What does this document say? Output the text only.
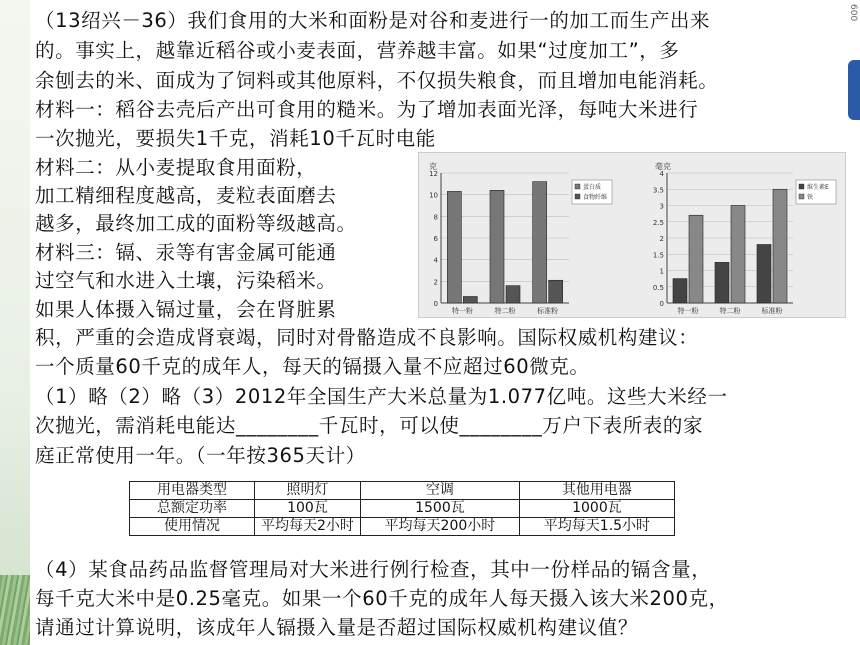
（13绍兴－36）我们食用的大米和面粉是对谷和麦进行一的加工而生产出来
的。事实上，越靠近稻谷或小麦表面，营养越丰富。如果“过度加工”，多
余刨去的米、面成为了饲料或其他原料，不仅损失粮食，而且增加电能消耗。
材料一：稻谷去壳后产出可食用的糙米。为了增加表面光泽，每吨大米进行
一次抛光，要损失1千克，消耗10千瓦时电能
材料二：从小麦提取食用面粉，
加工精细程度越高，麦粒表面磨去
越多，最终加工成的面粉等级越高。
材料三：镉、汞等有害金属可能通
过空气和水进入土壤，污染稻米。
如果人体摄入镉过量，会在肾脏累
积，严重的会造成肾衰竭，同时对骨骼造成不良影响。国际权威机构建议：
一个质量60千克的成年人，每天的镉摄入量不应超过60微克。
（1）略（2）略（3）2012年全国生产大米总量为1.077亿吨。这些大米经一
次抛光，需消耗电能达________千瓦时，可以使________万户下表所表的家
庭正常使用一年。（一年按365天计）
用电器类型	照明灯	空调	其他用电器
总额定功率	100瓦	1500瓦	1000瓦
使用情况	平均每天2小时	平均每天200小时	平均每天1.5小时
（4）某食品药品监督管理局对大米进行例行检查，其中一份样品的镉含量，
每千克大米中是0.25毫克。如果一个60千克的成年人每天摄入该大米200克，
请通过计算说明，该成年人镉摄入量是否超过国际权威机构建议值？
600
克
0
2
4
6
8
10
12
特一粉	特二粉	标准粉
蛋白质
食物纤维
毫克
0
0.5
1
1.5
2
2.5
3
3.5
4
特一粉	特二粉	标准粉
维生素E
铁
